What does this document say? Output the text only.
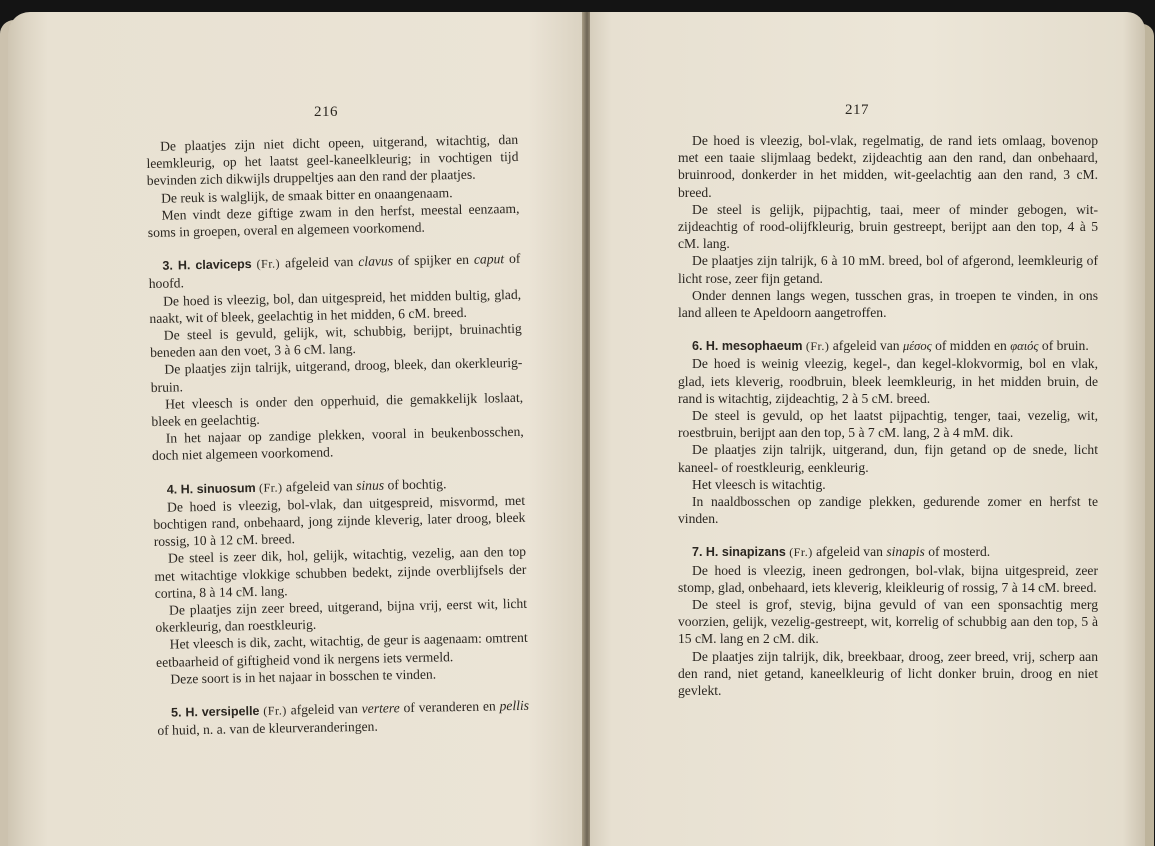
216

De plaatjes zijn niet dicht opeen, uitgerand, witachtig, dan leemkleurig, op het laatst geel-kaneelkleurig; in vochtigen tijd bevinden zich dikwijls druppeltjes aan den rand der plaatjes.

De reuk is walglijk, de smaak bitter en onaangenaam.

Men vindt deze giftige zwam in den herfst, meestal eenzaam, soms in groepen, overal en algemeen voorkomend.

3. H. claviceps (Fr.) afgeleid van clavus of spijker en caput of hoofd.

De hoed is vleezig, bol, dan uitgespreid, het midden bultig, glad, naakt, wit of bleek, geelachtig in het midden, 6 cM. breed.

De steel is gevuld, gelijk, wit, schubbig, berijpt, bruinachtig beneden aan den voet, 3 à 6 cM. lang.

De plaatjes zijn talrijk, uitgerand, droog, bleek, dan okerkleurig-bruin.

Het vleesch is onder den opperhuid, die gemakkelijk loslaat, bleek en geelachtig.

In het najaar op zandige plekken, vooral in beukenbosschen, doch niet algemeen voorkomend.

4. H. sinuosum (Fr.) afgeleid van sinus of bochtig.

De hoed is vleezig, bol-vlak, dan uitgespreid, misvormd, met bochtigen rand, onbehaard, jong zijnde kleverig, later droog, bleek rossig, 10 à 12 cM. breed.

De steel is zeer dik, hol, gelijk, witachtig, vezelig, aan den top met witachtige vlokkige schubben bedekt, zijnde overblijfsels der cortina, 8 à 14 cM. lang.

De plaatjes zijn zeer breed, uitgerand, bijna vrij, eerst wit, licht okerkleurig, dan roestkleurig.

Het vleesch is dik, zacht, witachtig, de geur is aagenaam: omtrent eetbaarheid of giftigheid vond ik nergens iets vermeld.

Deze soort is in het najaar in bosschen te vinden.

5. H. versipelle (Fr.) afgeleid van vertere of veranderen en pellis of huid, n. a. van de kleurveranderingen.

217

De hoed is vleezig, bol-vlak, regelmatig, de rand iets omlaag, bovenop met een taaie slijmlaag bedekt, zijdeachtig aan den rand, dan onbehaard, bruinrood, donkerder in het midden, wit-geelachtig aan den rand, 3 cM. breed.

De steel is gelijk, pijpachtig, taai, meer of minder gebogen, wit-zijdeachtig of rood-olijfkleurig, bruin gestreept, berijpt aan den top, 4 à 5 cM. lang.

De plaatjes zijn talrijk, 6 à 10 mM. breed, bol of afgerond, leemkleurig of licht rose, zeer fijn getand.

Onder dennen langs wegen, tusschen gras, in troepen te vinden, in ons land alleen te Apeldoorn aangetroffen.

6. H. mesophaeum (Fr.) afgeleid van μέσος of midden en φαιός of bruin.

De hoed is weinig vleezig, kegel-, dan kegel-klokvormig, bol en vlak, glad, iets kleverig, roodbruin, bleek leemkleurig, in het midden bruin, de rand is witachtig, zijdeachtig, 2 à 5 cM. breed.

De steel is gevuld, op het laatst pijpachtig, tenger, taai, vezelig, wit, roestbruin, berijpt aan den top, 5 à 7 cM. lang, 2 à 4 mM. dik.

De plaatjes zijn talrijk, uitgerand, dun, fijn getand op de snede, licht kaneel- of roestkleurig, eenkleurig.

Het vleesch is witachtig.

In naaldbosschen op zandige plekken, gedurende zomer en herfst te vinden.

7. H. sinapizans (Fr.) afgeleid van sinapis of mosterd.

De hoed is vleezig, ineen gedrongen, bol-vlak, bijna uitgespreid, zeer stomp, glad, onbehaard, iets kleverig, kleikleurig of rossig, 7 à 14 cM. breed.

De steel is grof, stevig, bijna gevuld of van een sponsachtig merg voorzien, gelijk, vezelig-gestreept, wit, korrelig of schubbig aan den top, 5 à 15 cM. lang en 2 cM. dik.

De plaatjes zijn talrijk, dik, breekbaar, droog, zeer breed, vrij, scherp aan den rand, niet getand, kaneelkleurig of licht donker bruin, droog en niet gevlekt.
